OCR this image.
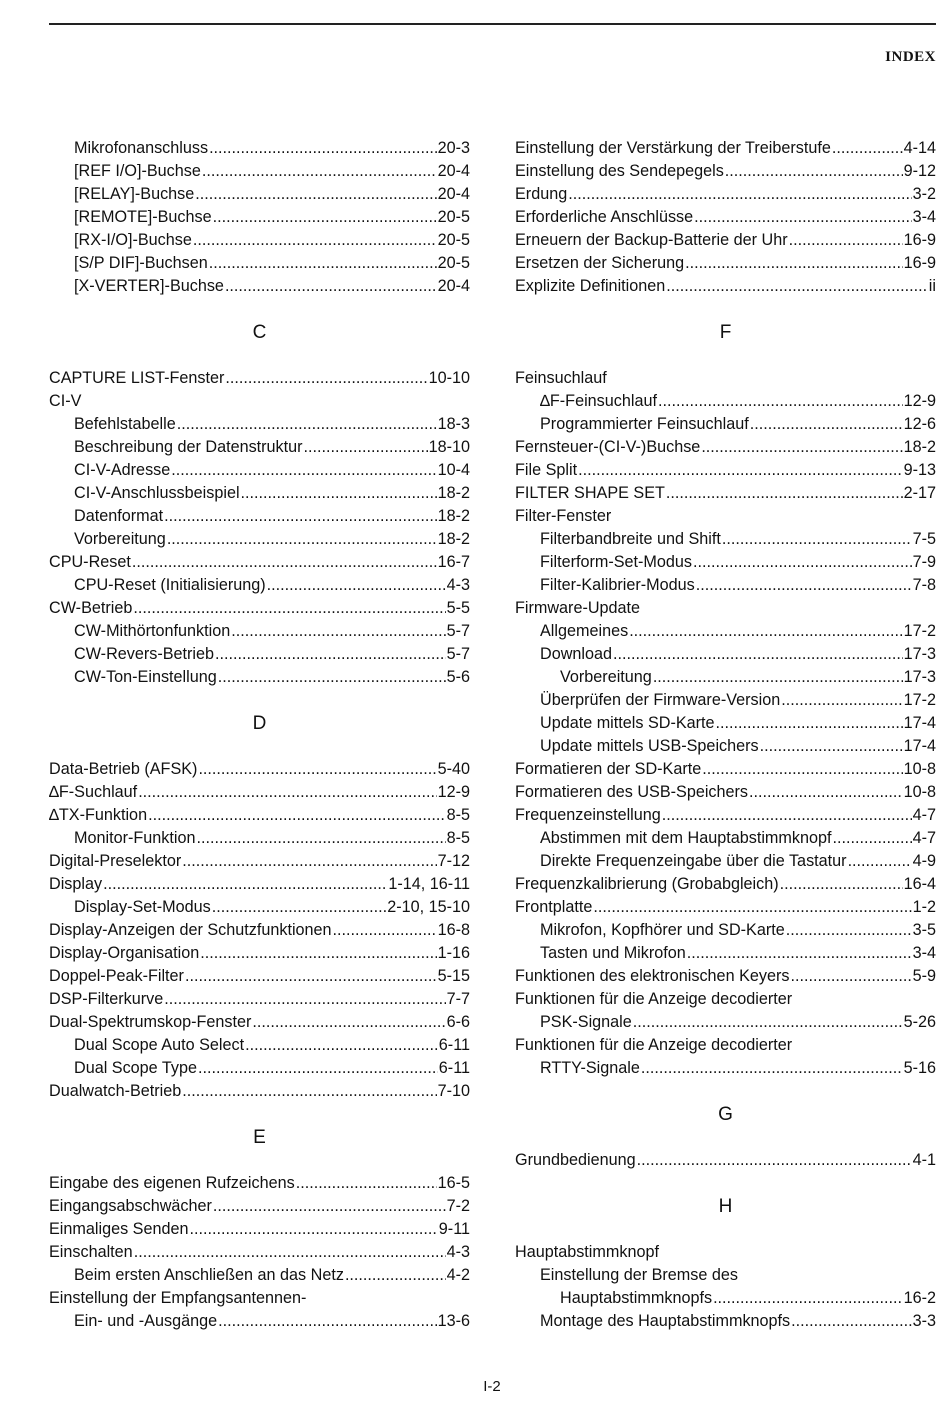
INDEX
Mikrofonanschluss .....	20-3
[REF I/O]-Buchse .....	20-4
[RELAY]-Buchse .....	20-4
[REMOTE]-Buchse .....	20-5
[RX-I/O]-Buchse .....	20-5
[S/P DIF]-Buchsen .....	20-5
[X-VERTER]-Buchse .....	20-4
C
CAPTURE LIST-Fenster .....	10-10
CI-V
Befehlstabelle .....	18-3
Beschreibung der Datenstruktur .....	18-10
CI-V-Adresse .....	10-4
CI-V-Anschlussbeispiel .....	18-2
Datenformat .....	18-2
Vorbereitung .....	18-2
CPU-Reset .....	16-7
CPU-Reset (Initialisierung) .....	4-3
CW-Betrieb .....	5-5
CW-Mithörtonfunktion .....	5-7
CW-Revers-Betrieb .....	5-7
CW-Ton-Einstellung .....	5-6
D
Data-Betrieb (AFSK) .....	5-40
∆F-Suchlauf .....	12-9
∆TX-Funktion .....	8-5
Monitor-Funktion .....	8-5
Digital-Preselektor .....	7-12
Display .....	1-14, 16-11
Display-Set-Modus .....	2-10, 15-10
Display-Anzeigen der Schutzfunktionen .....	16-8
Display-Organisation .....	1-16
Doppel-Peak-Filter .....	5-15
DSP-Filterkurve .....	7-7
Dual-Spektrumskop-Fenster .....	6-6
Dual Scope Auto Select .....	6-11
Dual Scope Type .....	6-11
Dualwatch-Betrieb .....	7-10
E
Eingabe des eigenen Rufzeichens .....	16-5
Eingangsabschwächer .....	7-2
Einmaliges Senden .....	9-11
Einschalten .....	4-3
Beim ersten Anschließen an das Netz .....	4-2
Einstellung der Empfangsantennen-
Ein- und -Ausgänge .....	13-6
Einstellung der Verstärkung der Treiberstufe .....	4-14
Einstellung des Sendepegels .....	9-12
Erdung .....	3-2
Erforderliche Anschlüsse .....	3-4
Erneuern der Backup-Batterie der Uhr .....	16-9
Ersetzen der Sicherung .....	16-9
Explizite Definitionen .....	ii
F
Feinsuchlauf
∆F-Feinsuchlauf .....	12-9
Programmierter Feinsuchlauf .....	12-6
Fernsteuer-(CI-V-)Buchse .....	18-2
File Split .....	9-13
FILTER SHAPE SET .....	2-17
Filter-Fenster
Filterbandbreite und Shift .....	7-5
Filterform-Set-Modus .....	7-9
Filter-Kalibrier-Modus .....	7-8
Firmware-Update
Allgemeines .....	17-2
Download .....	17-3
Vorbereitung .....	17-3
Überprüfen der Firmware-Version .....	17-2
Update mittels SD-Karte .....	17-4
Update mittels USB-Speichers .....	17-4
Formatieren der SD-Karte .....	10-8
Formatieren des USB-Speichers .....	10-8
Frequenzeinstellung .....	4-7
Abstimmen mit dem Hauptabstimmknopf .....	4-7
Direkte Frequenzeingabe über die Tastatur .....	4-9
Frequenzkalibrierung (Grobabgleich) .....	16-4
Frontplatte .....	1-2
Mikrofon, Kopfhörer und SD-Karte .....	3-5
Tasten und Mikrofon .....	3-4
Funktionen des elektronischen Keyers .....	5-9
Funktionen für die Anzeige decodierter
PSK-Signale .....	5-26
Funktionen für die Anzeige decodierter
RTTY-Signale .....	5-16
G
Grundbedienung .....	4-1
H
Hauptabstimmknopf
Einstellung der Bremse des
Hauptabstimmknopfs .....	16-2
Montage des Hauptabstimmknopfs .....	3-3
I-2
